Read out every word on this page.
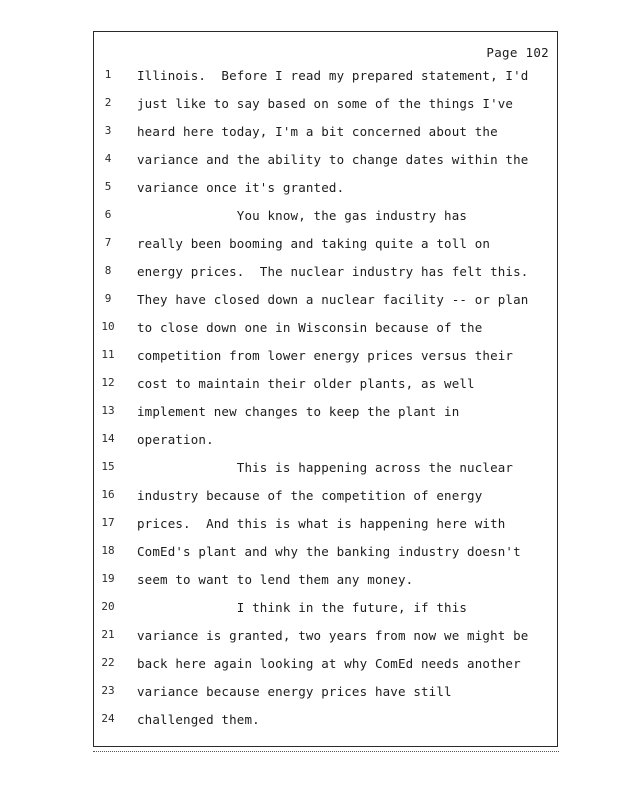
Page 102
1	Illinois.  Before I read my prepared statement, I'd
2	just like to say based on some of the things I've
3	heard here today, I'm a bit concerned about the
4	variance and the ability to change dates within the
5	variance once it's granted.
6	You know, the gas industry has
7	really been booming and taking quite a toll on
8	energy prices.  The nuclear industry has felt this.
9	They have closed down a nuclear facility -- or plan
10	to close down one in Wisconsin because of the
11	competition from lower energy prices versus their
12	cost to maintain their older plants, as well
13	implement new changes to keep the plant in
14	operation.
15	This is happening across the nuclear
16	industry because of the competition of energy
17	prices.  And this is what is happening here with
18	ComEd's plant and why the banking industry doesn't
19	seem to want to lend them any money.
20	I think in the future, if this
21	variance is granted, two years from now we might be
22	back here again looking at why ComEd needs another
23	variance because energy prices have still
24	challenged them.
